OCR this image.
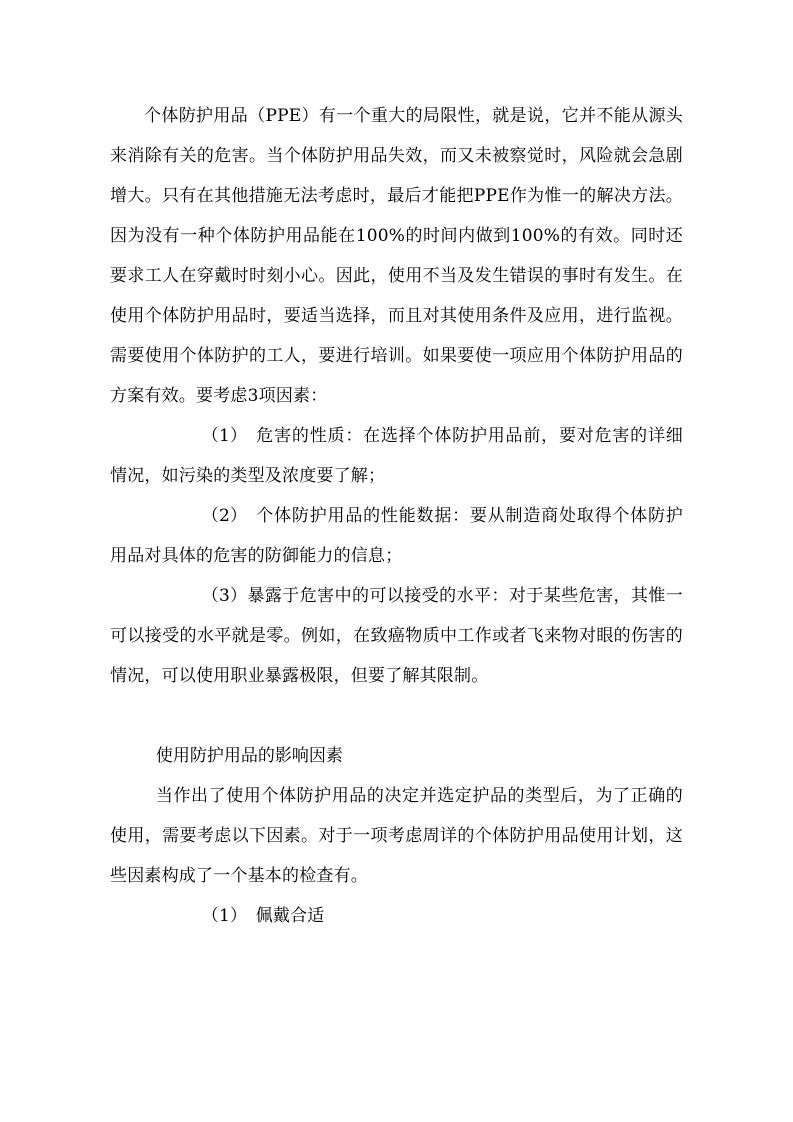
个体防护用品（PPE）有一个重大的局限性，就是说，它并不能从源头来消除有关的危害。当个体防护用品失效，而又未被察觉时，风险就会急剧增大。只有在其他措施无法考虑时，最后才能把PPE作为惟一的解决方法。因为没有一种个体防护用品能在100%的时间内做到100%的有效。同时还要求工人在穿戴时时刻小心。因此，使用不当及发生错误的事时有发生。在使用个体防护用品时，要适当选择，而且对其使用条件及应用，进行监视。需要使用个体防护的工人，要进行培训。如果要使一项应用个体防护用品的方案有效。要考虑3项因素：

（1） 危害的性质：在选择个体防护用品前，要对危害的详细情况，如污染的类型及浓度要了解；

（2） 个体防护用品的性能数据：要从制造商处取得个体防护用品对具体的危害的防御能力的信息；

（3）暴露于危害中的可以接受的水平：对于某些危害，其惟一可以接受的水平就是零。例如，在致癌物质中工作或者飞来物对眼的伤害的情况，可以使用职业暴露极限，但要了解其限制。

使用防护用品的影响因素

当作出了使用个体防护用品的决定并选定护品的类型后，为了正确的使用，需要考虑以下因素。对于一项考虑周详的个体防护用品使用计划，这些因素构成了一个基本的检查有。

（1） 佩戴合适
